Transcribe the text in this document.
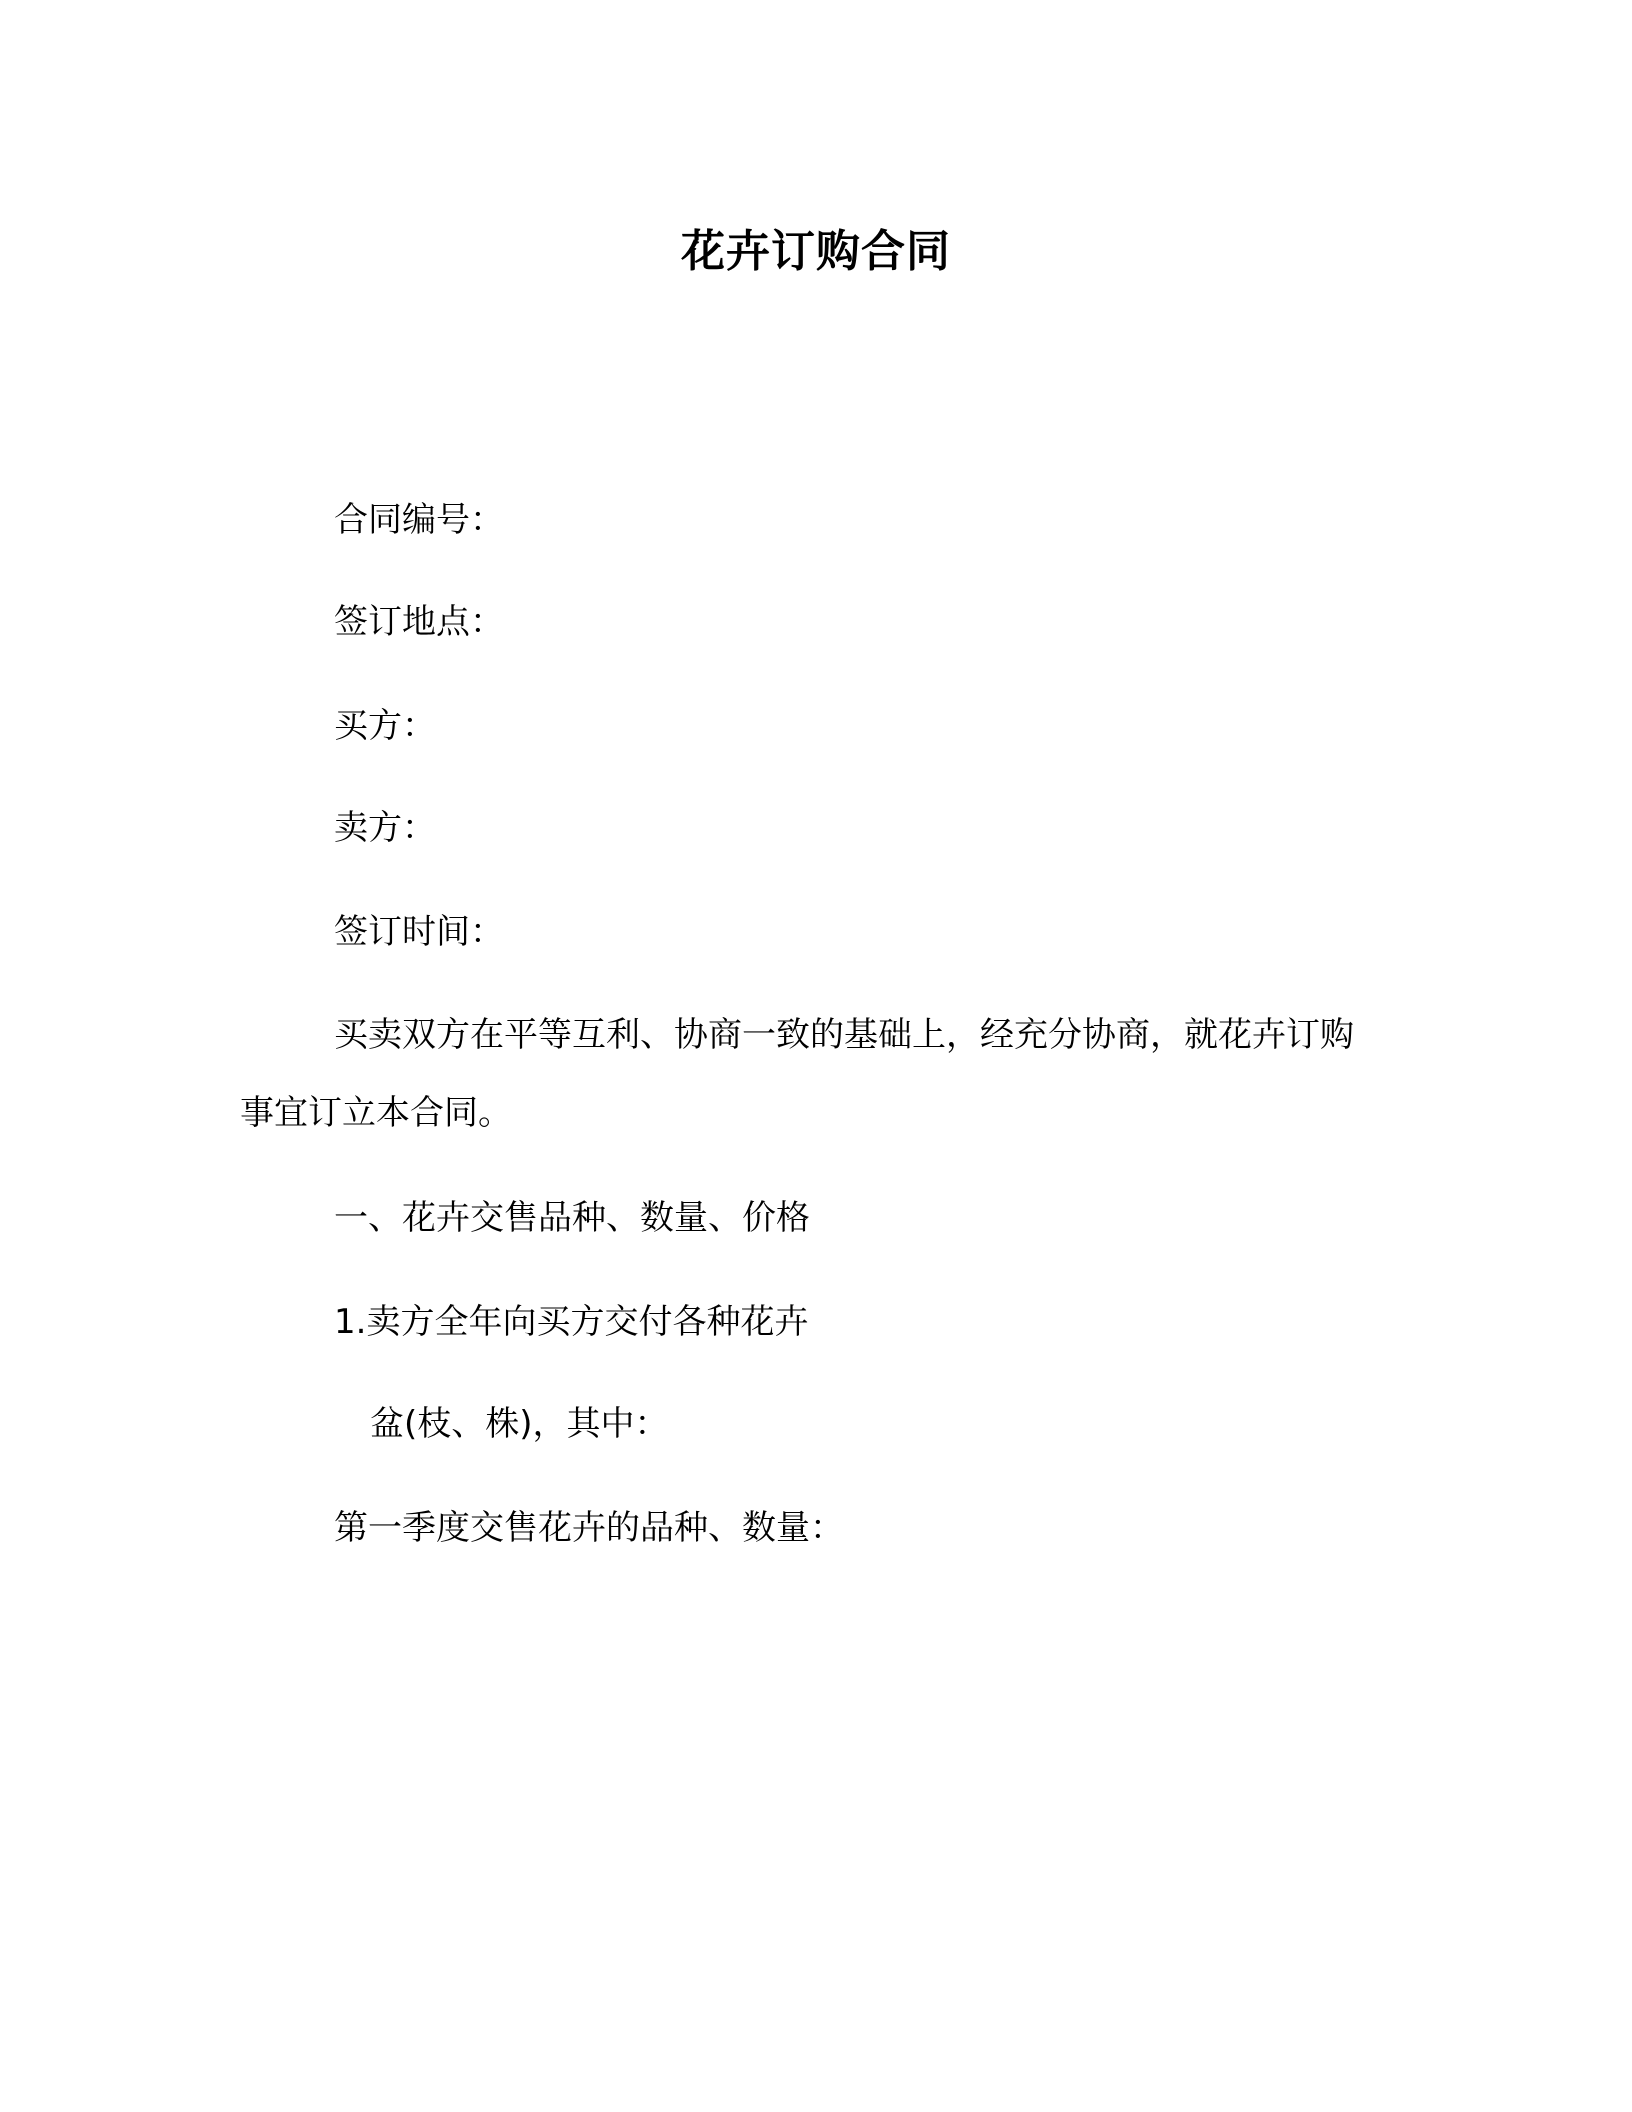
花卉订购合同
合同编号：
签订地点：
买方：
卖方：
签订时间：
买卖双方在平等互利、协商一致的基础上，经充分协商，就花卉订购事宜订立本合同。
一、花卉交售品种、数量、价格
1.卖方全年向买方交付各种花卉
盆(枝、株)，其中：
第一季度交售花卉的品种、数量：
